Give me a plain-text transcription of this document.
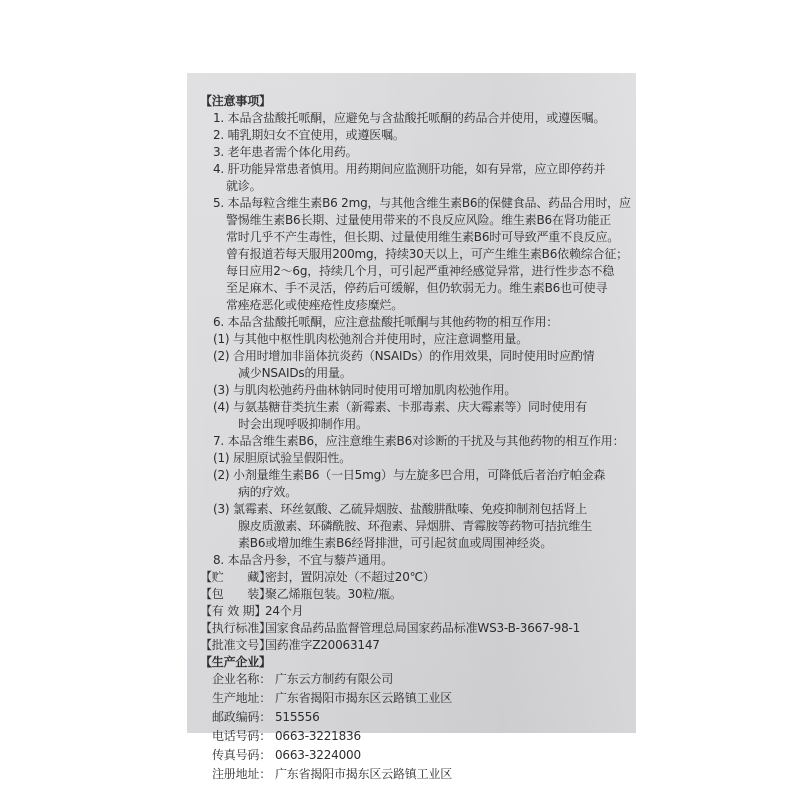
【注意事项】
1. 本品含盐酸托哌酮，应避免与含盐酸托哌酮的药品合并使用，或遵医嘱。
2. 哺乳期妇女不宜使用，或遵医嘱。
3. 老年患者需个体化用药。
4. 肝功能异常患者慎用。用药期间应监测肝功能，如有异常，应立即停药并
就诊。
5. 本品每粒含维生素B6 2mg，与其他含维生素B6的保健食品、药品合用时，应
警惕维生素B6长期、过量使用带来的不良反应风险。维生素B6在肾功能正
常时几乎不产生毒性，但长期、过量使用维生素B6时可导致严重不良反应。
曾有报道若每天服用200mg，持续30天以上，可产生维生素B6依赖综合征；
每日应用2～6g，持续几个月，可引起严重神经感觉异常，进行性步态不稳
至足麻木、手不灵活，停药后可缓解，但仍软弱无力。维生素B6也可使寻
常痤疮恶化或使痤疮性皮疹糜烂。
6. 本品含盐酸托哌酮，应注意盐酸托哌酮与其他药物的相互作用：
(1) 与其他中枢性肌肉松弛剂合并使用时，应注意调整用量。
(2) 合用时增加非甾体抗炎药（NSAIDs）的作用效果，同时使用时应酌情
减少NSAIDs的用量。
(3) 与肌肉松弛药丹曲林钠同时使用可增加肌肉松弛作用。
(4) 与氨基糖苷类抗生素（新霉素、卡那毒素、庆大霉素等）同时使用有
时会出现呼吸抑制作用。
7. 本品含维生素B6，应注意维生素B6对诊断的干扰及与其他药物的相互作用：
(1) 尿胆原试验呈假阳性。
(2) 小剂量维生素B6（一日5mg）与左旋多巴合用，可降低后者治疗帕金森
病的疗效。
(3) 氯霉素、环丝氨酸、乙硫异烟胺、盐酸肼酞嗪、免疫抑制剂包括肾上
腺皮质激素、环磷酰胺、环孢素、异烟肼、青霉胺等药物可拮抗维生
素B6或增加维生素B6经肾排泄，可引起贫血或周围神经炎。
8. 本品含丹参，不宜与藜芦通用。
【贮　　藏】
密封，置阴凉处（不超过20℃）
【包　　装】
聚乙烯瓶包装。30粒/瓶。
【有 效 期】
24个月
【执行标准】
国家食品药品监督管理总局国家药品标准WS3-B-3667-98-1
【批准文号】
国药准字Z20063147
【生产企业】
企业名称： 广东云方制药有限公司
生产地址： 广东省揭阳市揭东区云路镇工业区
邮政编码： 515556
电话号码： 0663-3221836
传真号码： 0663-3224000
注册地址： 广东省揭阳市揭东区云路镇工业区
